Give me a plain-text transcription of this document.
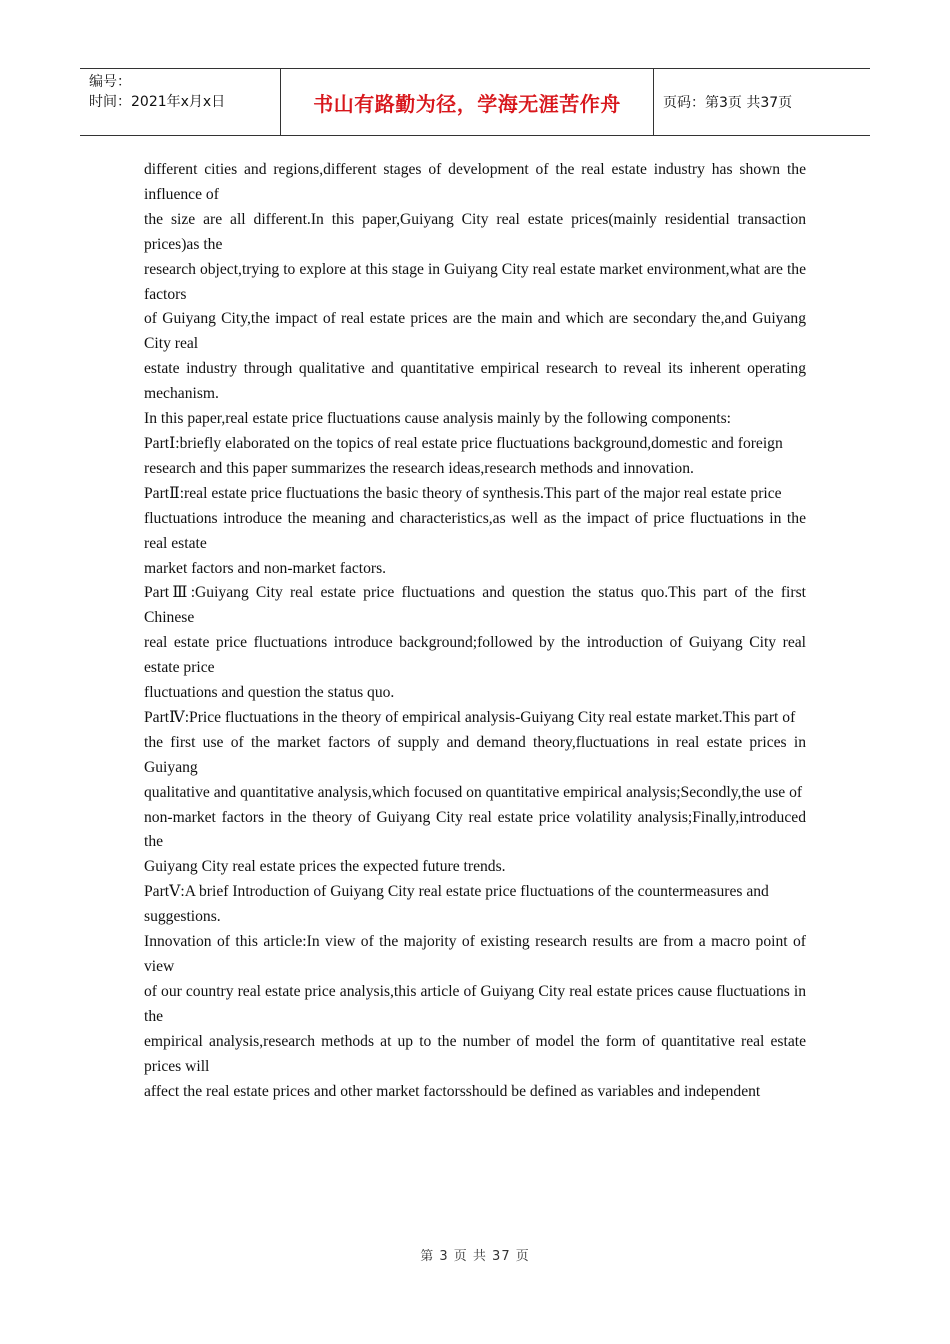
编号：
时间：2021年x月x日	书山有路勤为径，学海无涯苦作舟	页码：第3页 共37页

different cities and regions,different stages of development of the real estate industry has shown the influence of

the size are all different.In this paper,Guiyang City real estate prices(mainly residential transaction prices)as the

research object,trying to explore at this stage in Guiyang City real estate market environment,what are the factors

of Guiyang City,the impact of real estate prices are the main and which are secondary the,and Guiyang City real

estate industry through qualitative and quantitative empirical research to reveal its inherent operating mechanism.

In this paper,real estate price fluctuations cause analysis mainly by the following components:

PartⅠ:briefly elaborated on the topics of real estate price fluctuations background,domestic and foreign

research and this paper summarizes the research ideas,research methods and innovation.

PartⅡ:real estate price fluctuations the basic theory of synthesis.This part of the major real estate price

fluctuations introduce the meaning and characteristics,as well as the impact of price fluctuations in the real estate

market factors and non-market factors.

PartⅢ:Guiyang City real estate price fluctuations and question the status quo.This part of the first Chinese

real estate price fluctuations introduce background;followed by the introduction of Guiyang City real estate price

fluctuations and question the status quo.

PartⅣ:Price fluctuations in the theory of empirical analysis-Guiyang City real estate market.This part of

the first use of the market factors of supply and demand theory,fluctuations in real estate prices in Guiyang

qualitative and quantitative analysis,which focused on quantitative empirical analysis;Secondly,the use of

non-market factors in the theory of Guiyang City real estate price volatility analysis;Finally,introduced the

Guiyang City real estate prices the expected future trends.

PartⅤ:A brief Introduction of Guiyang City real estate price fluctuations of the countermeasures and

suggestions.

Innovation of this article:In view of the majority of existing research results are from a macro point of view

of our country real estate price analysis,this article of Guiyang City real estate prices cause fluctuations in the

empirical analysis,research methods at up to the number of model the form of quantitative real estate prices will

affect the real estate prices and other market factorsshould be defined as variables and independent

第 3 页 共 37 页
